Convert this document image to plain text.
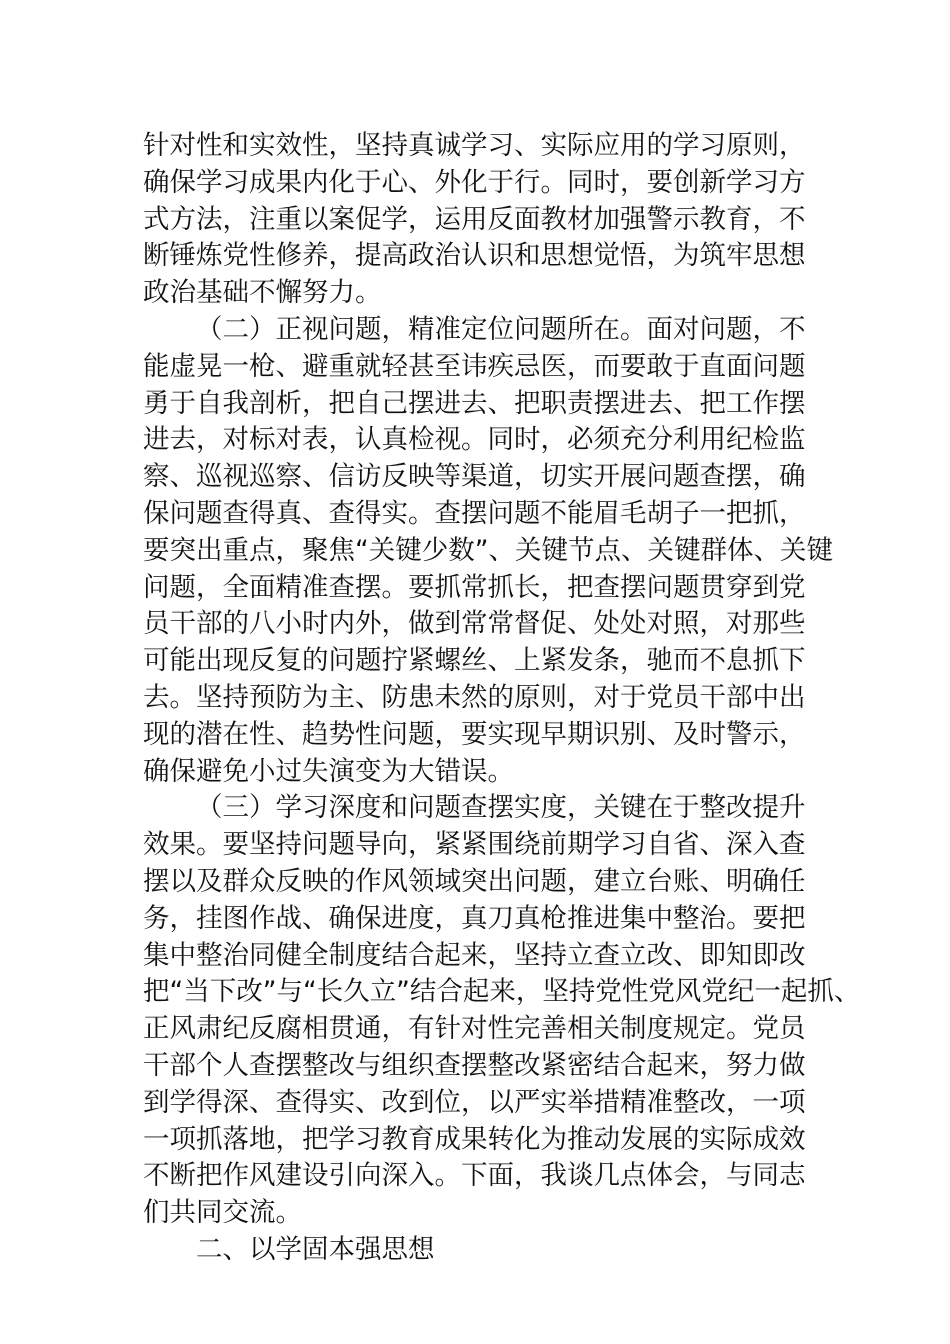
针对性和实效性，坚持真诚学习、实际应用的学习原则，
确保学习成果内化于心、外化于行。同时，要创新学习方
式方法，注重以案促学，运用反面教材加强警示教育，不
断锤炼党性修养，提高政治认识和思想觉悟，为筑牢思想
政治基础不懈努力。
（二）正视问题，精准定位问题所在。面对问题，不
能虚晃一枪、避重就轻甚至讳疾忌医，而要敢于直面问题
勇于自我剖析，把自己摆进去、把职责摆进去、把工作摆
进去，对标对表，认真检视。同时，必须充分利用纪检监
察、巡视巡察、信访反映等渠道，切实开展问题查摆，确
保问题查得真、查得实。查摆问题不能眉毛胡子一把抓，
要突出重点，聚焦“关键少数”、关键节点、关键群体、关键
问题，全面精准查摆。要抓常抓长，把查摆问题贯穿到党
员干部的八小时内外，做到常常督促、处处对照，对那些
可能出现反复的问题拧紧螺丝、上紧发条，驰而不息抓下
去。坚持预防为主、防患未然的原则，对于党员干部中出
现的潜在性、趋势性问题，要实现早期识别、及时警示，
确保避免小过失演变为大错误。
（三）学习深度和问题查摆实度，关键在于整改提升
效果。要坚持问题导向，紧紧围绕前期学习自省、深入查
摆以及群众反映的作风领域突出问题，建立台账、明确任
务，挂图作战、确保进度，真刀真枪推进集中整治。要把
集中整治同健全制度结合起来，坚持立查立改、即知即改
把“当下改”与“长久立”结合起来，坚持党性党风党纪一起抓、
正风肃纪反腐相贯通，有针对性完善相关制度规定。党员
干部个人查摆整改与组织查摆整改紧密结合起来，努力做
到学得深、查得实、改到位，以严实举措精准整改，一项
一项抓落地，把学习教育成果转化为推动发展的实际成效
不断把作风建设引向深入。下面，我谈几点体会，与同志
们共同交流。
二、以学固本强思想
